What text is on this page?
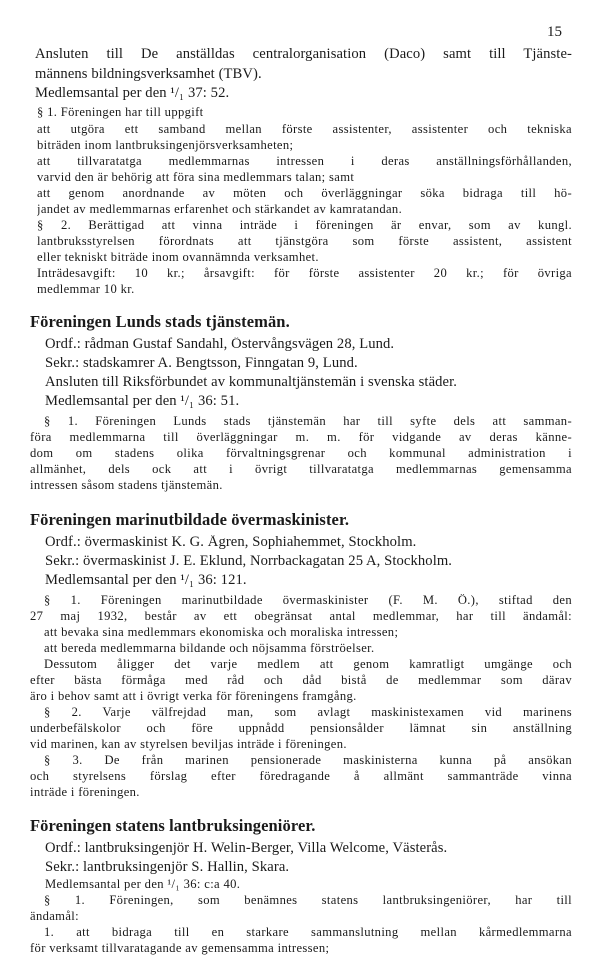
15
Ansluten till De anställdas centralorganisation (Daco) samt till Tjänste-
männens bildningsverksamhet (TBV).
Medlemsantal per den ¹/₁ 37: 52.
§ 1. Föreningen har till uppgift
att utgöra ett samband mellan förste assistenter, assistenter och tekniska
biträden inom lantbruksingenjörsverksamheten;
att tillvaratatga medlemmarnas intressen i deras anställningsförhållanden,
varvid den är behörig att föra sina medlemmars talan; samt
att genom anordnande av möten och överläggningar söka bidraga till hö-
jandet av medlemmarnas erfarenhet och stärkandet av kamratandan.
§ 2. Berättigad att vinna inträde i föreningen är envar, som av kungl.
lantbruksstyrelsen förordnats att tjänstgöra som förste assistent, assistent
eller tekniskt biträde inom ovannämnda verksamhet.
Inträdesavgift: 10 kr.; årsavgift: för förste assistenter 20 kr.; för övriga
medlemmar 10 kr.
Föreningen Lunds stads tjänstemän.
Ordf.: rådman Gustaf Sandahl, Östervångsvägen 28, Lund.
Sekr.: stadskamrer A. Bengtsson, Finngatan 9, Lund.
Ansluten till Riksförbundet av kommunaltjänstemän i svenska städer.
Medlemsantal per den ¹/₁ 36: 51.
§ 1. Föreningen Lunds stads tjänstemän har till syfte dels att samman-
föra medlemmarna till överläggningar m. m. för vidgande av deras känne-
dom om stadens olika förvaltningsgrenar och kommunal administration i
allmänhet, dels ock att i övrigt tillvaratatga medlemmarnas gemensamma
intressen såsom stadens tjänstemän.
Föreningen marinutbildade övermaskinister.
Ordf.: övermaskinist K. G. Ågren, Sophiahemmet, Stockholm.
Sekr.: övermaskinist J. E. Eklund, Norrbackagatan 25 A, Stockholm.
Medlemsantal per den ¹/₁ 36: 121.
§ 1. Föreningen marinutbildade övermaskinister (F. M. Ö.), stiftad den
27 maj 1932, består av ett obegränsat antal medlemmar, har till ändamål:
att bevaka sina medlemmars ekonomiska och moraliska intressen;
att bereda medlemmarna bildande och nöjsamma förströelser.
Dessutom åligger det varje medlem att genom kamratligt umgänge och
efter bästa förmåga med råd och dåd bistå de medlemmar som därav
äro i behov samt att i övrigt verka för föreningens framgång.
§ 2. Varje välfrejdad man, som avlagt maskinistexamen vid marinens
underbefälskolor och före uppnådd pensionsålder lämnat sin anställning
vid marinen, kan av styrelsen beviljas inträde i föreningen.
§ 3. De från marinen pensionerade maskinisterna kunna på ansökan
och styrelsens förslag efter föredragande å allmänt sammanträde vinna
inträde i föreningen.
Föreningen statens lantbruksingeniörer.
Ordf.: lantbruksingenjör H. Welin-Berger, Villa Welcome, Västerås.
Sekr.: lantbruksingenjör S. Hallin, Skara.
Medlemsantal per den ¹/₁ 36: c:a 40.
§ 1. Föreningen, som benämnes statens lantbruksingeniörer, har till
ändamål:
1. att bidraga till en starkare sammanslutning mellan kårmedlemmarna
för verksamt tillvaratagande av gemensamma intressen;
